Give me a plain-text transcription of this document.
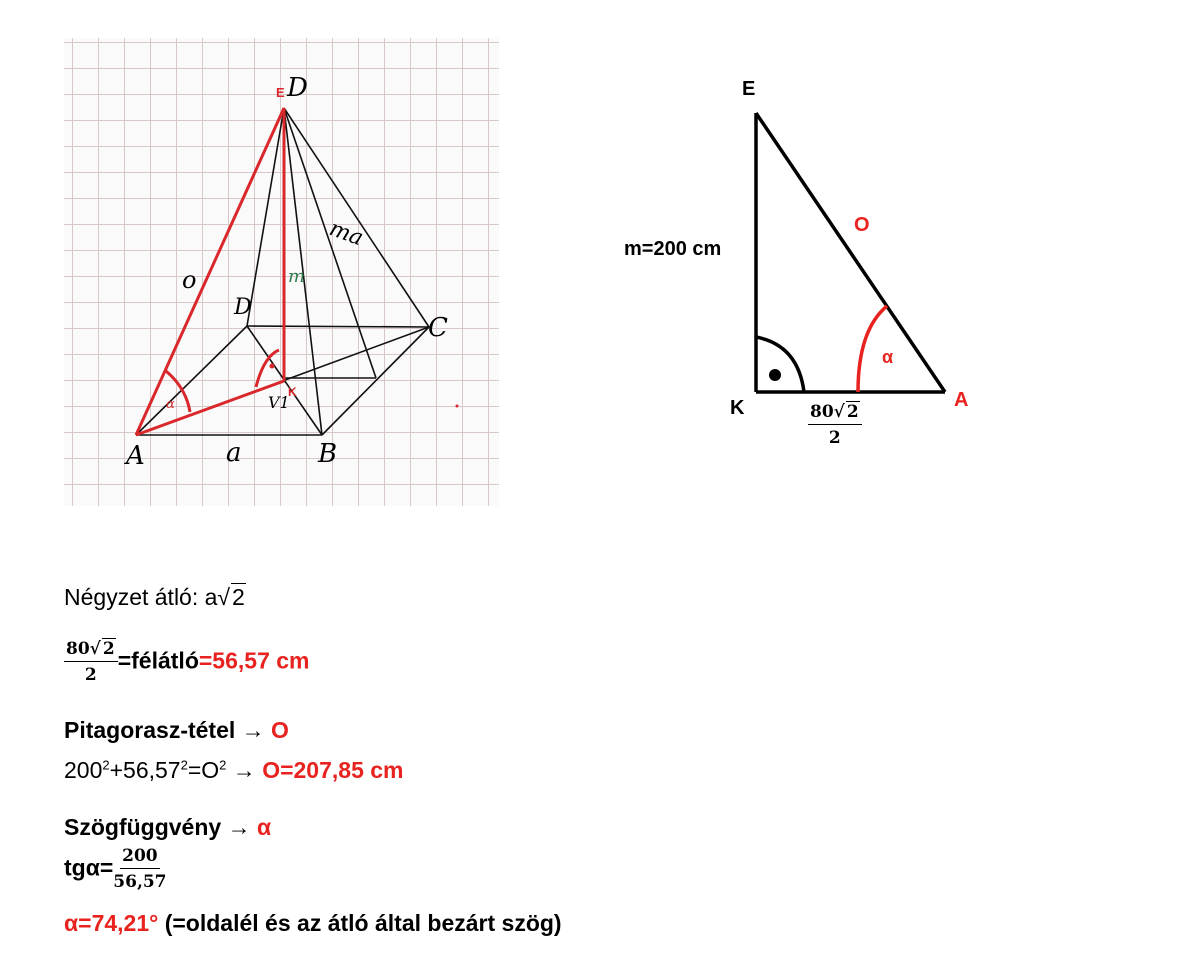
D
E
A	B
C
D
K
o
ma
m
a
α	V1
E
K	A
m=200 cm
O
α
$\frac{80√ 2}{2}$
Négyzet átló: a√2
$\frac{80√ 2}{2}$ =félátló=56,57 cm
Pitagorasz-tétel → O
$200^2+56,57^2=O^2 \to O=207,85$ cm
Szögfüggvény → α
$tg\alpha= \frac{200}{56,57}$
α=74,21° (=oldalél és az átló által bezárt szög)
